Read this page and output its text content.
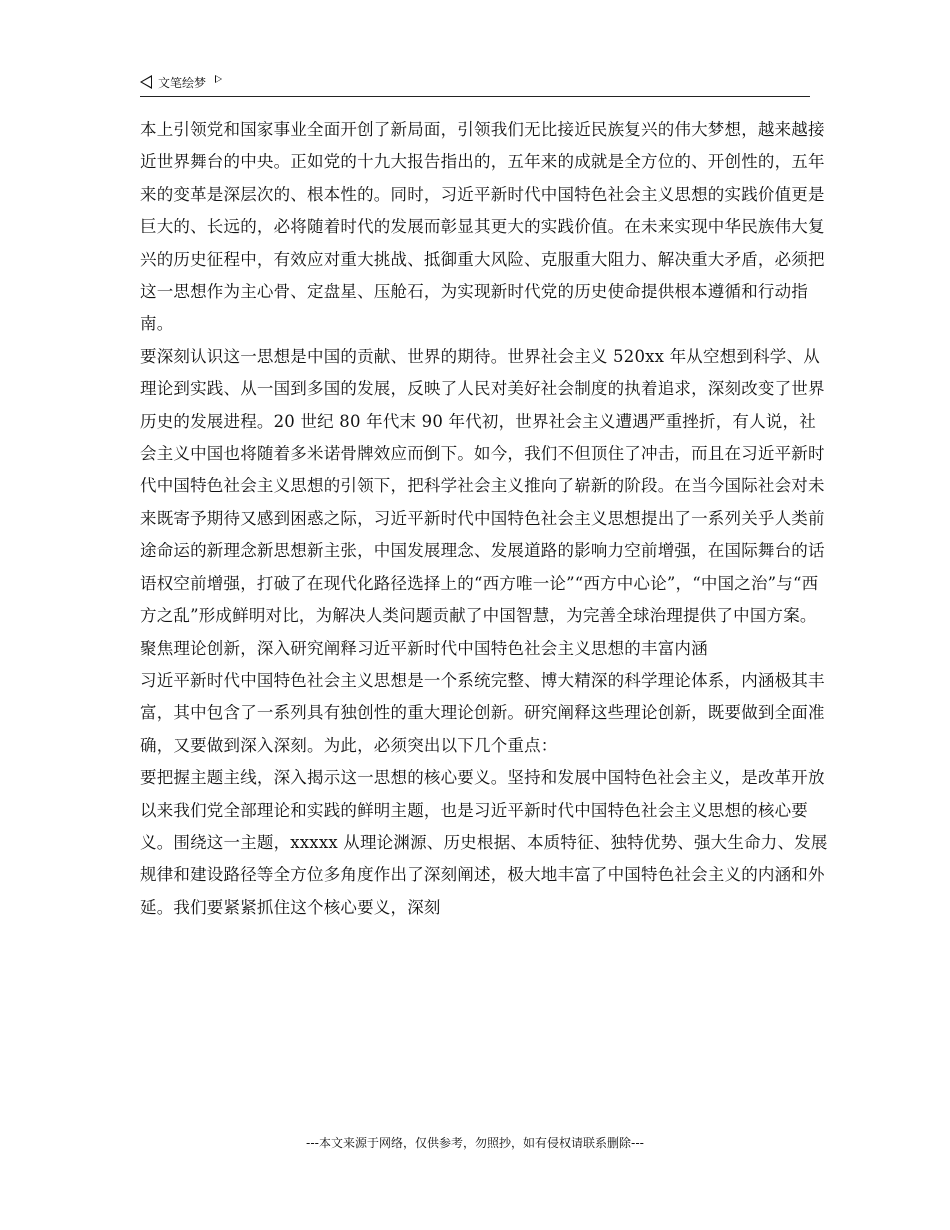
文笔绘梦

本上引领党和国家事业全面开创了新局面，引领我们无比接近民族复兴的伟大梦想，越来越接近世界舞台的中央。正如党的十九大报告指出的，五年来的成就是全方位的、开创性的，五年来的变革是深层次的、根本性的。同时，习近平新时代中国特色社会主义思想的实践价值更是巨大的、长远的，必将随着时代的发展而彰显其更大的实践价值。在未来实现中华民族伟大复兴的历史征程中，有效应对重大挑战、抵御重大风险、克服重大阻力、解决重大矛盾，必须把这一思想作为主心骨、定盘星、压舱石，为实现新时代党的历史使命提供根本遵循和行动指南。

要深刻认识这一思想是中国的贡献、世界的期待。世界社会主义 520xx 年从空想到科学、从理论到实践、从一国到多国的发展，反映了人民对美好社会制度的执着追求，深刻改变了世界历史的发展进程。20 世纪 80 年代末 90 年代初，世界社会主义遭遇严重挫折，有人说，社会主义中国也将随着多米诺骨牌效应而倒下。如今，我们不但顶住了冲击，而且在习近平新时代中国特色社会主义思想的引领下，把科学社会主义推向了崭新的阶段。在当今国际社会对未来既寄予期待又感到困惑之际，习近平新时代中国特色社会主义思想提出了一系列关乎人类前途命运的新理念新思想新主张，中国发展理念、发展道路的影响力空前增强，在国际舞台的话语权空前增强，打破了在现代化路径选择上的“西方唯一论”“西方中心论”，“中国之治”与“西方之乱”形成鲜明对比，为解决人类问题贡献了中国智慧，为完善全球治理提供了中国方案。

聚焦理论创新，深入研究阐释习近平新时代中国特色社会主义思想的丰富内涵

习近平新时代中国特色社会主义思想是一个系统完整、博大精深的科学理论体系，内涵极其丰富，其中包含了一系列具有独创性的重大理论创新。研究阐释这些理论创新，既要做到全面准确，又要做到深入深刻。为此，必须突出以下几个重点：

要把握主题主线，深入揭示这一思想的核心要义。坚持和发展中国特色社会主义，是改革开放以来我们党全部理论和实践的鲜明主题，也是习近平新时代中国特色社会主义思想的核心要义。围绕这一主题，xxxxx 从理论渊源、历史根据、本质特征、独特优势、强大生命力、发展规律和建设路径等全方位多角度作出了深刻阐述，极大地丰富了中国特色社会主义的内涵和外延。我们要紧紧抓住这个核心要义，深刻

---本文来源于网络，仅供参考，勿照抄，如有侵权请联系删除---
